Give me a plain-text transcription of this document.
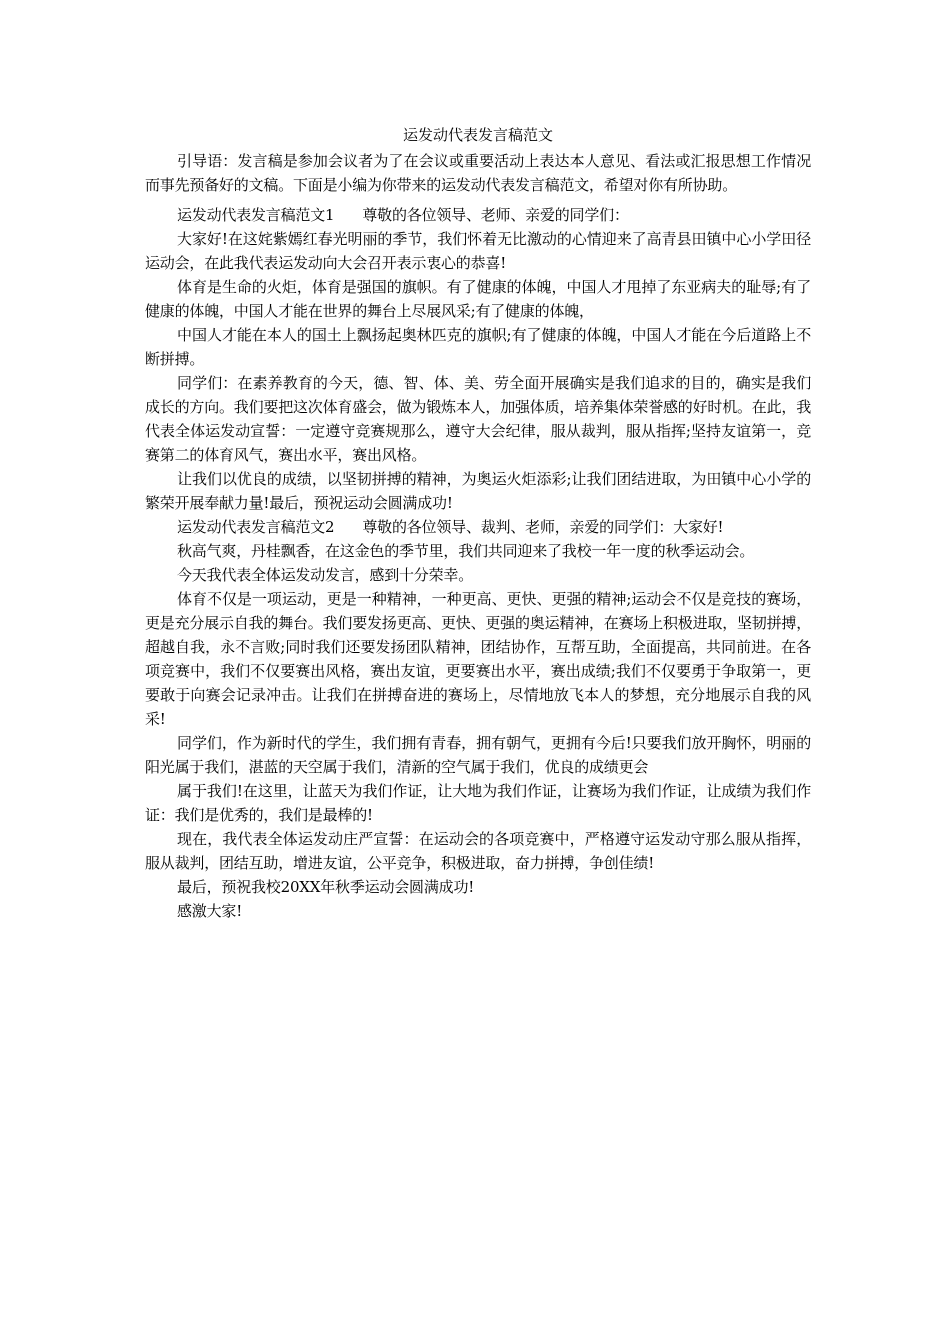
运发动代表发言稿范文

引导语：发言稿是参加会议者为了在会议或重要活动上表达本人意见、看法或汇报思想工作情况而事先预备好的文稿。下面是小编为你带来的运发动代表发言稿范文，希望对你有所协助。

运发动代表发言稿范文1 尊敬的各位领导、老师、亲爱的同学们：

大家好!在这姹紫嫣红春光明丽的季节，我们怀着无比激动的心情迎来了高青县田镇中心小学田径运动会，在此我代表运发动向大会召开表示衷心的恭喜!

体育是生命的火炬，体育是强国的旗帜。有了健康的体魄，中国人才甩掉了东亚病夫的耻辱;有了健康的体魄，中国人才能在世界的舞台上尽展风采;有了健康的体魄，

中国人才能在本人的国土上飘扬起奥林匹克的旗帜;有了健康的体魄，中国人才能在今后道路上不断拼搏。

同学们：在素养教育的今天，德、智、体、美、劳全面开展确实是我们追求的目的，确实是我们成长的方向。我们要把这次体育盛会，做为锻炼本人，加强体质，培养集体荣誉感的好时机。在此，我代表全体运发动宣誓：一定遵守竞赛规那么，遵守大会纪律，服从裁判，服从指挥;坚持友谊第一，竞赛第二的体育风气，赛出水平，赛出风格。

让我们以优良的成绩，以坚韧拼搏的精神，为奥运火炬添彩;让我们团结进取，为田镇中心小学的繁荣开展奉献力量!最后，预祝运动会圆满成功!

运发动代表发言稿范文2 尊敬的各位领导、裁判、老师，亲爱的同学们：大家好!

秋高气爽，丹桂飘香，在这金色的季节里，我们共同迎来了我校一年一度的秋季运动会。

今天我代表全体运发动发言，感到十分荣幸。

体育不仅是一项运动，更是一种精神，一种更高、更快、更强的精神;运动会不仅是竞技的赛场，更是充分展示自我的舞台。我们要发扬更高、更快、更强的奥运精神，在赛场上积极进取，坚韧拼搏，超越自我，永不言败;同时我们还要发扬团队精神，团结协作，互帮互助，全面提高，共同前进。在各项竞赛中，我们不仅要赛出风格，赛出友谊，更要赛出水平，赛出成绩;我们不仅要勇于争取第一，更要敢于向赛会记录冲击。让我们在拼搏奋进的赛场上，尽情地放飞本人的梦想，充分地展示自我的风采!

同学们，作为新时代的学生，我们拥有青春，拥有朝气，更拥有今后!只要我们放开胸怀，明丽的阳光属于我们，湛蓝的天空属于我们，清新的空气属于我们，优良的成绩更会

属于我们!在这里，让蓝天为我们作证，让大地为我们作证，让赛场为我们作证，让成绩为我们作证：我们是优秀的，我们是最棒的!

现在，我代表全体运发动庄严宣誓：在运动会的各项竞赛中，严格遵守运发动守那么服从指挥，服从裁判，团结互助，增进友谊，公平竞争，积极进取，奋力拼搏，争创佳绩!

最后，预祝我校20XX年秋季运动会圆满成功!

感激大家!
